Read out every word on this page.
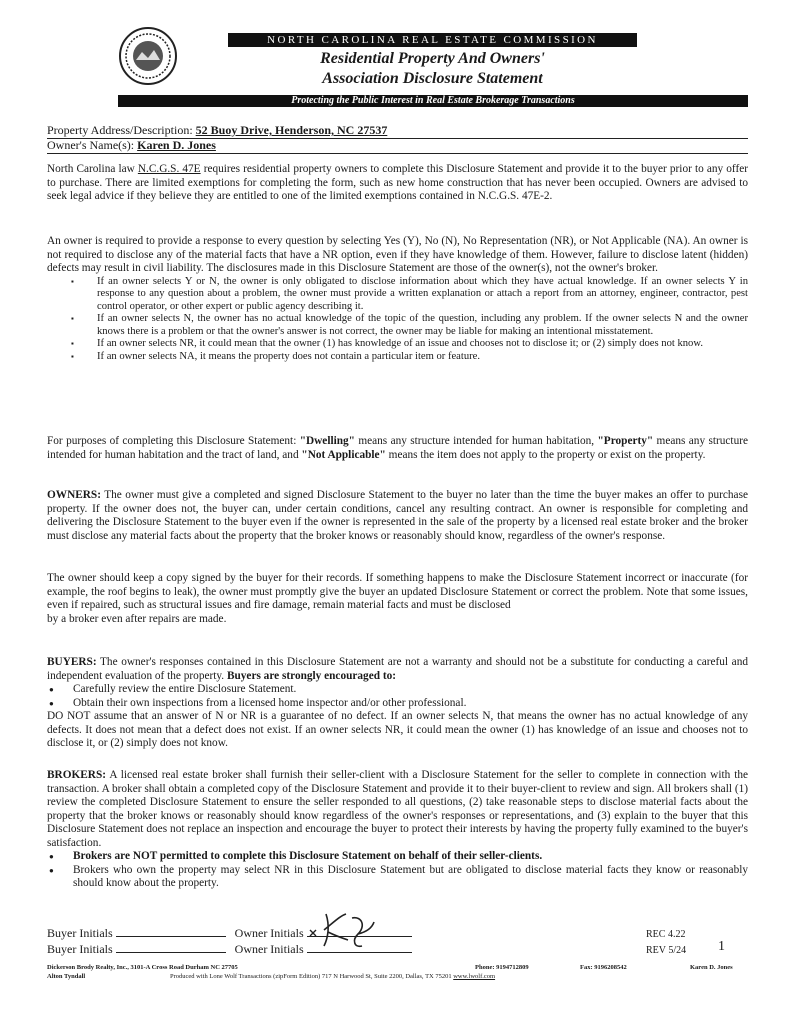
NORTH CAROLINA REAL ESTATE COMMISSION
Residential Property And Owners'
Association Disclosure Statement
Protecting the Public Interest in Real Estate Brokerage Transactions
Property Address/Description: 52 Buoy Drive, Henderson, NC 27537
Owner's Name(s): Karen D. Jones

North Carolina law N.C.G.S. 47E requires residential property owners to complete this Disclosure Statement and provide it to the buyer prior to any offer to purchase. There are limited exemptions for completing the form, such as new home construction that has never been occupied. Owners are advised to seek legal advice if they believe they are entitled to one of the limited exemptions contained in N.C.G.S. 47E-2.

An owner is required to provide a response to every question by selecting Yes (Y), No (N), No Representation (NR), or Not Applicable (NA). An owner is not required to disclose any of the material facts that have a NR option, even if they have knowledge of them. However, failure to disclose latent (hidden) defects may result in civil liability. The disclosures made in this Disclosure Statement are those of the owner(s), not the owner's broker.

▪ If an owner selects Y or N, the owner is only obligated to disclose information about which they have actual knowledge. If an owner selects Y in response to any question about a problem, the owner must provide a written explanation or attach a report from an attorney, engineer, contractor, pest control operator, or other expert or public agency describing it.
▪ If an owner selects N, the owner has no actual knowledge of the topic of the question, including any problem. If the owner selects N and the owner knows there is a problem or that the owner's answer is not correct, the owner may be liable for making an intentional misstatement.
▪ If an owner selects NR, it could mean that the owner (1) has knowledge of an issue and chooses not to disclose it; or (2) simply does not know.
▪ If an owner selects NA, it means the property does not contain a particular item or feature.

For purposes of completing this Disclosure Statement: "Dwelling" means any structure intended for human habitation, "Property" means any structure intended for human habitation and the tract of land, and "Not Applicable" means the item does not apply to the property or exist on the property.

OWNERS: The owner must give a completed and signed Disclosure Statement to the buyer no later than the time the buyer makes an offer to purchase property. If the owner does not, the buyer can, under certain conditions, cancel any resulting contract. An owner is responsible for completing and delivering the Disclosure Statement to the buyer even if the owner is represented in the sale of the property by a licensed real estate broker and the broker must disclose any material facts about the property that the broker knows or reasonably should know, regardless of the owner's response.

The owner should keep a copy signed by the buyer for their records. If something happens to make the Disclosure Statement incorrect or inaccurate (for example, the roof begins to leak), the owner must promptly give the buyer an updated Disclosure Statement or correct the problem. Note that some issues, even if repaired, such as structural issues and fire damage, remain material facts and must be disclosed

by a broker even after repairs are made.

BUYERS: The owner's responses contained in this Disclosure Statement are not a warranty and should not be a substitute for conducting a careful and independent evaluation of the property. Buyers are strongly encouraged to:

● Carefully review the entire Disclosure Statement.
● Obtain their own inspections from a licensed home inspector and/or other professional.

DO NOT assume that an answer of N or NR is a guarantee of no defect. If an owner selects N, that means the owner has no actual knowledge of any defects. It does not mean that a defect does not exist. If an owner selects NR, it could mean the owner (1) has knowledge of an issue and chooses not to disclose it, or (2) simply does not know.

BROKERS: A licensed real estate broker shall furnish their seller-client with a Disclosure Statement for the seller to complete in connection with the transaction. A broker shall obtain a completed copy of the Disclosure Statement and provide it to their buyer-client to review and sign. All brokers shall (1) review the completed Disclosure Statement to ensure the seller responded to all questions, (2) take reasonable steps to disclose material facts about the property that the broker knows or reasonably should know regardless of the owner's responses or representations, and (3) explain to the buyer that this Disclosure Statement does not replace an inspection and encourage the buyer to protect their interests by having the property fully examined to the buyer's satisfaction.

● Brokers are NOT permitted to complete this Disclosure Statement on behalf of their seller-clients.
● Brokers who own the property may select NR in this Disclosure Statement but are obligated to disclose material facts they know or reasonably should know about the property.
Buyer Initials	Owner Initials
Buyer Initials	Owner Initials
REC 4.22
REV 5/24 1
Dickerson Brody Realty, Inc., 3101-A Cross Road Durham NC 27705
Alton Tyndall
Phone: 9194712809	Fax: 9196208542	Karen D. Jones
Produced with Lone Wolf Transactions (zipForm Edition) 717 N Harwood St, Suite 2200, Dallas, TX 75201 www.lwolf.com
